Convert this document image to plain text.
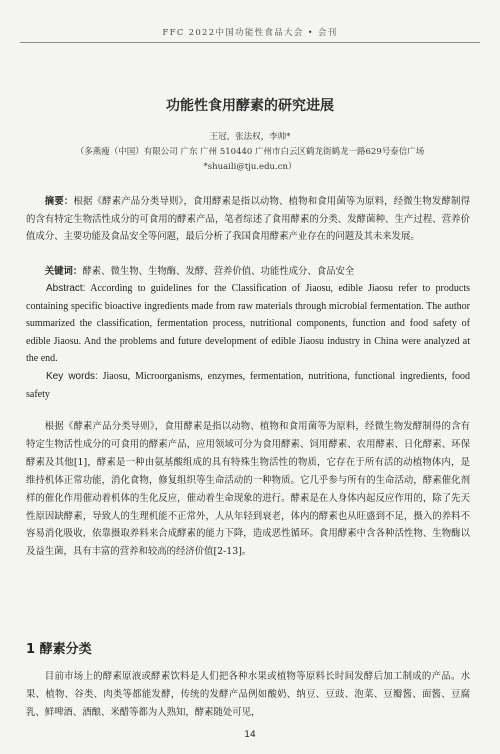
FFC 2022中国功能性食品大会 • 会刊
功能性食用酵素的研究进展
王冠，张法权，李帅*
（多燕瘦（中国）有限公司 广东 广州 510440 广州市白云区鹤龙街鹤龙一路629号泰信广场
*shuaili@tju.edu.cn）
摘要：根据《酵素产品分类导则》，食用酵素是指以动物、植物和食用菌等为原料，经微生物发酵制得的含有特定生物活性成分的可食用的酵素产品，笔者综述了食用酵素的分类、发酵菌种、生产过程、营养价值成分、主要功能及食品安全等问题，最后分析了我国食用酵素产业存在的问题及其未来发展。
关键词：酵素、微生物、生物酶、发酵、营养价值、功能性成分、食品安全
Abstract: According to guidelines for the Classification of Jiaosu, edible Jiaosu refer to products containing specific bioactive ingredients made from raw materials through microbial fermentation. The author summarized the classification, fermentation process, nutritional components, function and food safety of edible Jiaosu. And the problems and future development of edible Jiaosu industry in China were analyzed at the end.
Key words: Jiaosu, Microorganisms, enzymes, fermentation, nutritiona, functional ingredients, food safety
根据《酵素产品分类导则》，食用酵素是指以动物、植物和食用菌等为原料，经微生物发酵制得的含有特定生物活性成分的可食用的酵素产品，应用领域可分为食用酵素、饲用酵素、农用酵素、日化酵素、环保酵素及其他[1]，酵素是一种由氨基酸组成的具有特殊生物活性的物质，它存在于所有活的动植物体内，是维持机体正常功能，消化食物，修复组织等生命活动的一种物质。它几乎参与所有的生命活动，酵素催化剂样的催化作用催动着机体的生化反应，催动着生命现象的进行。酵素是在人身体内起反应作用的，除了先天性原因缺酵素，导致人的生理机能不正常外，人从年轻到衰老，体内的酵素也从旺盛到不足，摄入的养料不容易消化吸收，依靠摄取养料来合成酵素的能力下降，造成恶性循环。食用酵素中含各种活性物、生物酶以及益生菌，具有丰富的营养和较高的经济价值[2-13]。
1 酵素分类
目前市场上的酵素原液或酵素饮料是人们把各种水果或植物等原料长时间发酵后加工制成的产品。水果、植物、谷类、肉类等都能发酵，传统的发酵产品例如酸奶、纳豆、豆豉、泡菜、豆瓣酱、面酱、豆腐乳、鲜啤酒、酒酿、米醋等都为人熟知，酵素随处可见，
14
